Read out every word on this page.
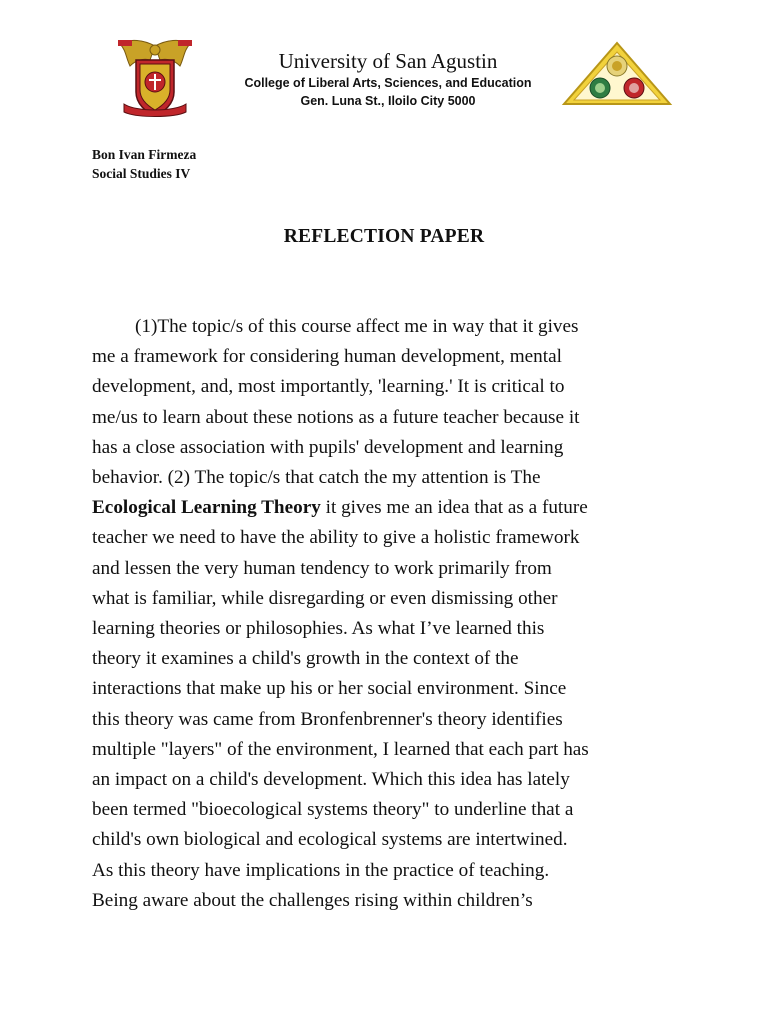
University of San Agustin
College of Liberal Arts, Sciences, and Education
Gen. Luna St., Iloilo City 5000
Bon Ivan Firmeza
Social Studies IV
REFLECTION PAPER
(1)The topic/s of this course affect me in way that it gives
me a framework for considering human development, mental
development, and, most importantly, 'learning.' It is critical to
me/us to learn about these notions as a future teacher because it
has a close association with pupils' development and learning
behavior. (2) The topic/s that catch the my attention is The
Ecological Learning Theory it gives me an idea that as a future
teacher we need to have the ability to give a holistic framework
and lessen the very human tendency to work primarily from
what is familiar, while disregarding or even dismissing other
learning theories or philosophies. As what I’ve learned this
theory it examines a child's growth in the context of the
interactions that make up his or her social environment. Since
this theory was came from Bronfenbrenner's theory identifies
multiple "layers" of the environment, I learned that each part has
an impact on a child's development. Which this idea has lately
been termed "bioecological systems theory" to underline that a
child's own biological and ecological systems are intertwined.
As this theory have implications in the practice of teaching.
Being aware about the challenges rising within children’s
